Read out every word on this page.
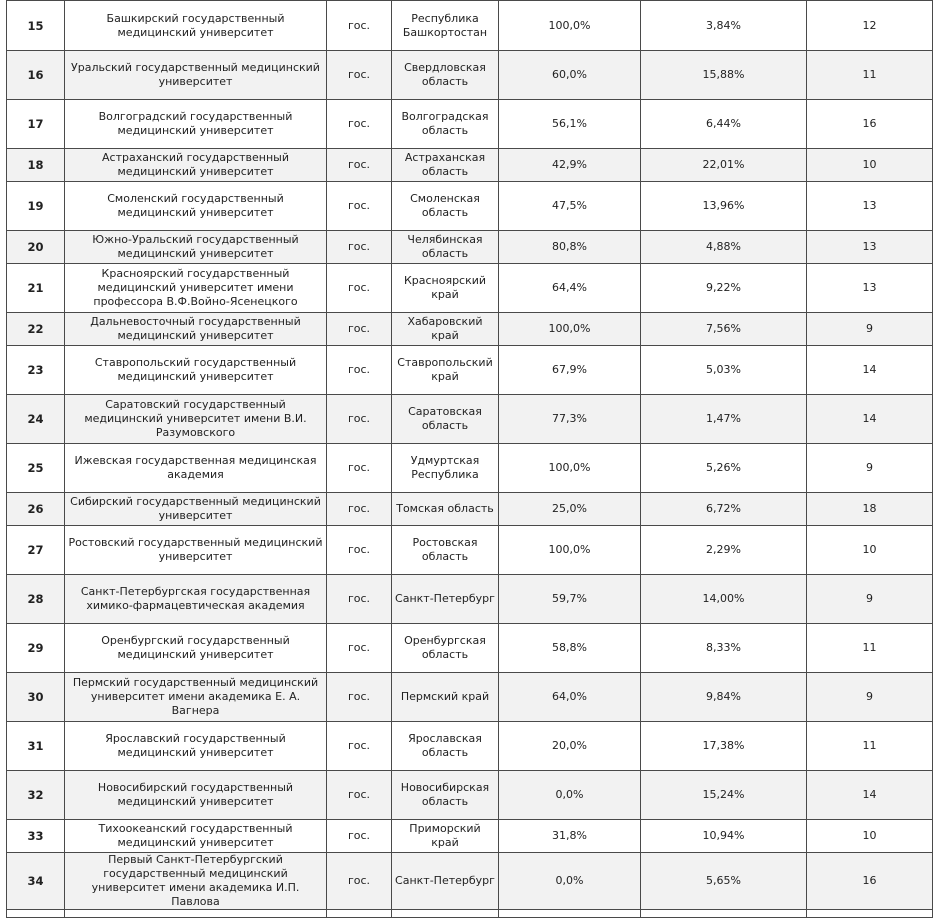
15	Башкирский государственный медицинский университет	гос.	Республика Башкортостан	100,0%	3,84%	12
16	Уральский государственный медицинский университет	гос.	Свердловская область	60,0%	15,88%	11
17	Волгоградский государственный медицинский университет	гос.	Волгоградская область	56,1%	6,44%	16
18	Астраханский государственный медицинский университет	гос.	Астраханская область	42,9%	22,01%	10
19	Смоленский государственный медицинский университет	гос.	Смоленская область	47,5%	13,96%	13
20	Южно-Уральский государственный медицинский университет	гос.	Челябинская область	80,8%	4,88%	13
21	Красноярский государственный медицинский университет имени профессора В.Ф.Войно-Ясенецкого	гос.	Красноярский край	64,4%	9,22%	13
22	Дальневосточный государственный медицинский университет	гос.	Хабаровский край	100,0%	7,56%	9
23	Ставропольский государственный медицинский университет	гос.	Ставропольский край	67,9%	5,03%	14
24	Саратовский государственный медицинский университет имени В.И. Разумовского	гос.	Саратовская область	77,3%	1,47%	14
25	Ижевская государственная медицинская академия	гос.	Удмуртская Республика	100,0%	5,26%	9
26	Сибирский государственный медицинский университет	гос.	Томская область	25,0%	6,72%	18
27	Ростовский государственный медицинский университет	гос.	Ростовская область	100,0%	2,29%	10
28	Санкт-Петербургская государственная химико-фармацевтическая академия	гос.	Санкт-Петербург	59,7%	14,00%	9
29	Оренбургский государственный медицинский университет	гос.	Оренбургская область	58,8%	8,33%	11
30	Пермский государственный медицинский университет имени академика Е. А. Вагнера	гос.	Пермский край	64,0%	9,84%	9
31	Ярославский государственный медицинский университет	гос.	Ярославская область	20,0%	17,38%	11
32	Новосибирский государственный медицинский университет	гос.	Новосибирская область	0,0%	15,24%	14
33	Тихоокеанский государственный медицинский университет	гос.	Приморский край	31,8%	10,94%	10
34	Первый Санкт-Петербургский государственный медицинский университет имени академика И.П. Павлова	гос.	Санкт-Петербург	0,0%	5,65%	16
